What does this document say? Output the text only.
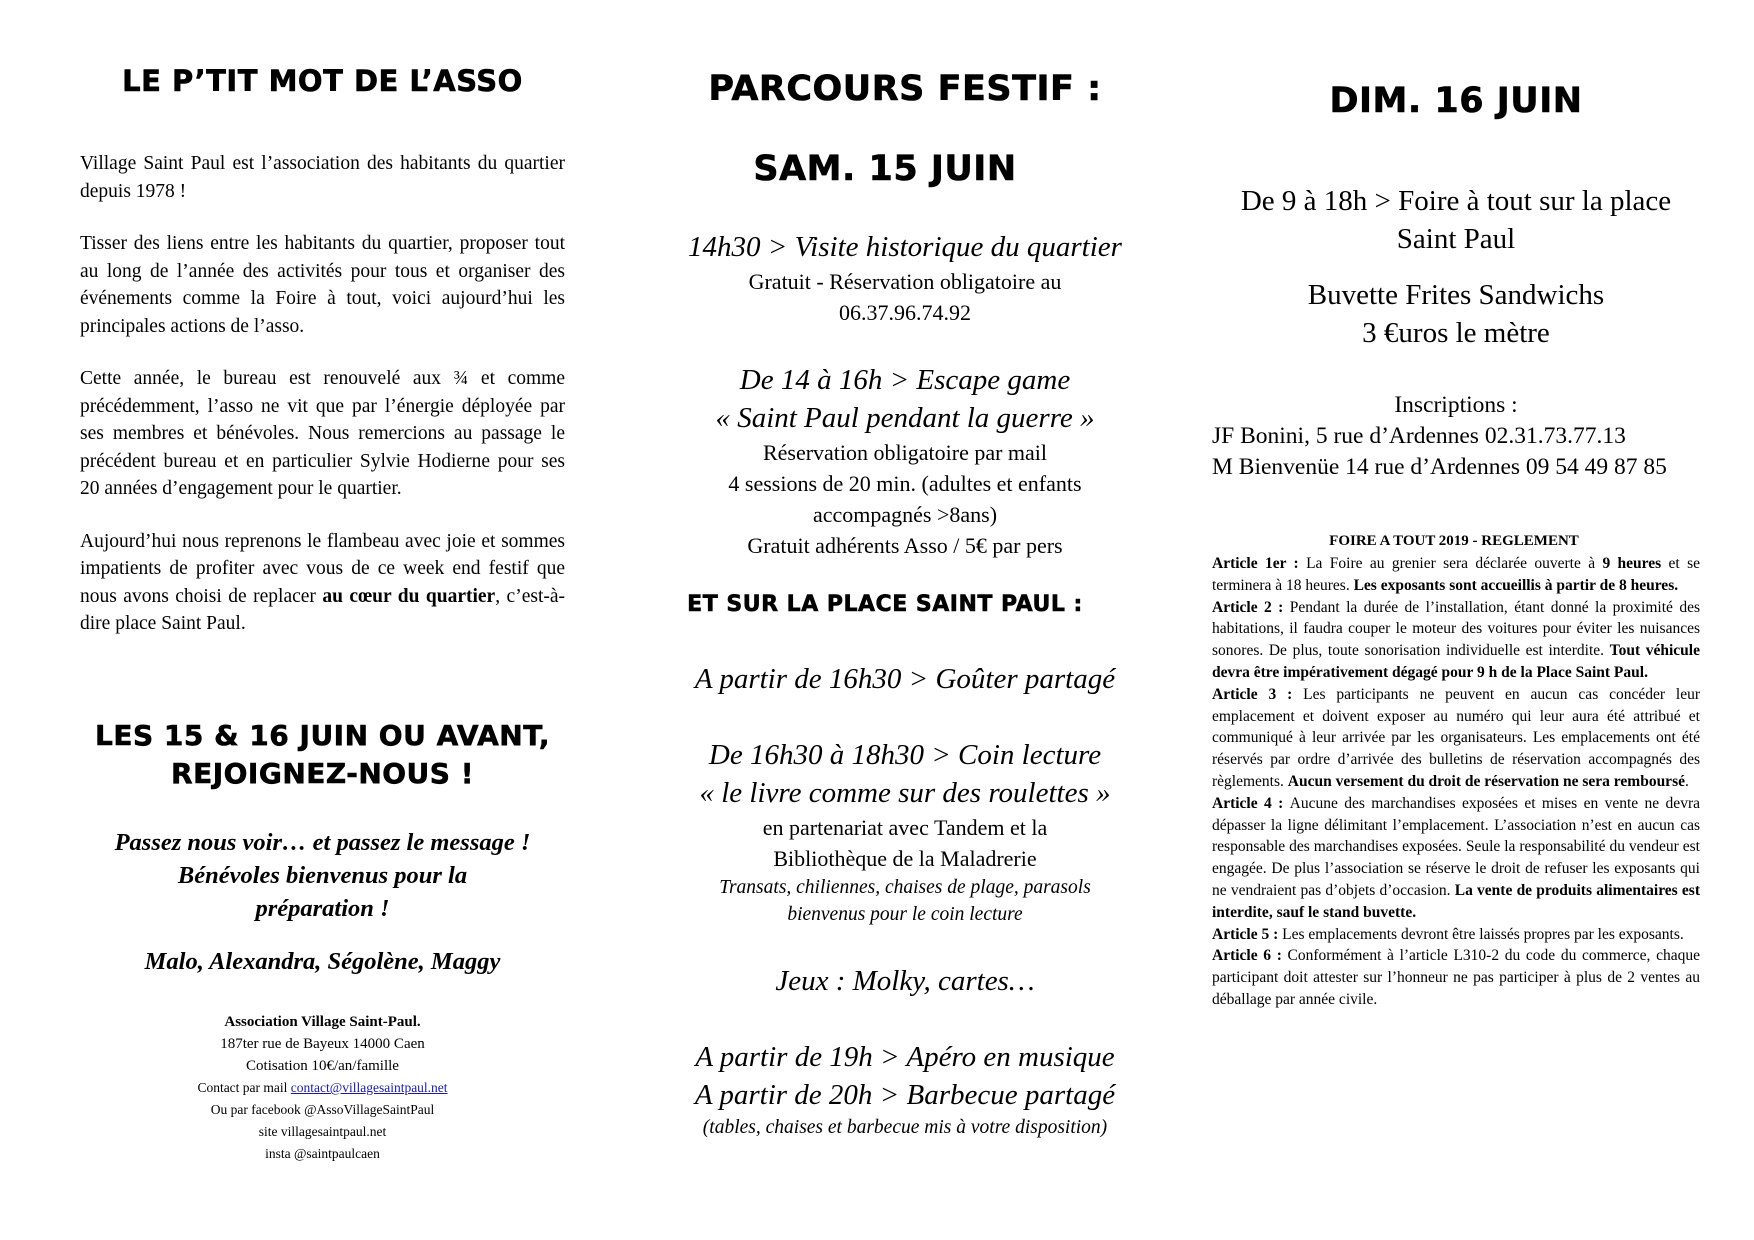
LE P’TIT MOT DE L’ASSO

Village Saint Paul est l’association des habitants du quartier depuis 1978 !

Tisser des liens entre les habitants du quartier, proposer tout au long de l’année des activités pour tous et organiser des événements comme la Foire à tout, voici aujourd’hui les principales actions de l’asso.

Cette année, le bureau est renouvelé aux ¾ et comme précédemment, l’asso ne vit que par l’énergie déployée par ses membres et bénévoles. Nous remercions au passage le précédent bureau et en particulier Sylvie Hodierne pour ses 20 années d’engagement pour le quartier.

Aujourd’hui nous reprenons le flambeau avec joie et sommes impatients de profiter avec vous de ce week end festif que nous avons choisi de replacer au cœur du quartier, c’est-à-dire place Saint Paul.

LES 15 & 16 JUIN OU AVANT,
REJOIGNEZ-NOUS !
Passez nous voir… et passez le message !
Bénévoles bienvenus pour la
préparation !
Malo, Alexandra, Ségolène, Maggy
Association Village Saint-Paul.
187ter rue de Bayeux 14000 Caen
Cotisation 10€/an/famille
Contact par mail contact@villagesaintpaul.net
Ou par facebook @AssoVillageSaintPaul
site villagesaintpaul.net
insta @saintpaulcaen
PARCOURS FESTIF :
SAM. 15 JUIN
14h30 > Visite historique du quartier
Gratuit - Réservation obligatoire au
06.37.96.74.92
De 14 à 16h > Escape game
« Saint Paul pendant la guerre »
Réservation obligatoire par mail
4 sessions de 20 min. (adultes et enfants
accompagnés >8ans)
Gratuit adhérents Asso / 5€ par pers
ET SUR LA PLACE SAINT PAUL :
A partir de 16h30 > Goûter partagé
De 16h30 à 18h30 > Coin lecture
« le livre comme sur des roulettes »
en partenariat avec Tandem et la
Bibliothèque de la Maladrerie
Transats, chiliennes, chaises de plage, parasols
bienvenus pour le coin lecture
Jeux : Molky, cartes…
A partir de 19h > Apéro en musique
A partir de 20h > Barbecue partagé
(tables, chaises et barbecue mis à votre disposition)
DIM. 16 JUIN
De 9 à 18h > Foire à tout sur la place
Saint Paul
Buvette Frites Sandwichs
3 €uros le mètre
Inscriptions :
JF Bonini, 5 rue d’Ardennes 02.31.73.77.13
M Bienvenüe 14 rue d’Ardennes 09 54 49 87 85
FOIRE A TOUT 2019 - REGLEMENT

Article 1er : La Foire au grenier sera déclarée ouverte à 9 heures et se terminera à 18 heures. Les exposants sont accueillis à partir de 8 heures.

Article 2 : Pendant la durée de l’installation, étant donné la proximité des habitations, il faudra couper le moteur des voitures pour éviter les nuisances sonores. De plus, toute sonorisation individuelle est interdite. Tout véhicule devra être impérativement dégagé pour 9 h de la Place Saint Paul.

Article 3 : Les participants ne peuvent en aucun cas concéder leur emplacement et doivent exposer au numéro qui leur aura été attribué et communiqué à leur arrivée par les organisateurs. Les emplacements ont été réservés par ordre d’arrivée des bulletins de réservation accompagnés des règlements. Aucun versement du droit de réservation ne sera remboursé.

Article 4 : Aucune des marchandises exposées et mises en vente ne devra dépasser la ligne délimitant l’emplacement. L’association n’est en aucun cas responsable des marchandises exposées. Seule la responsabilité du vendeur est engagée. De plus l’association se réserve le droit de refuser les exposants qui ne vendraient pas d’objets d’occasion. La vente de produits alimentaires est interdite, sauf le stand buvette.

Article 5 : Les emplacements devront être laissés propres par les exposants.

Article 6 : Conformément à l’article L310-2 du code du commerce, chaque participant doit attester sur l’honneur ne pas participer à plus de 2 ventes au déballage par année civile.
